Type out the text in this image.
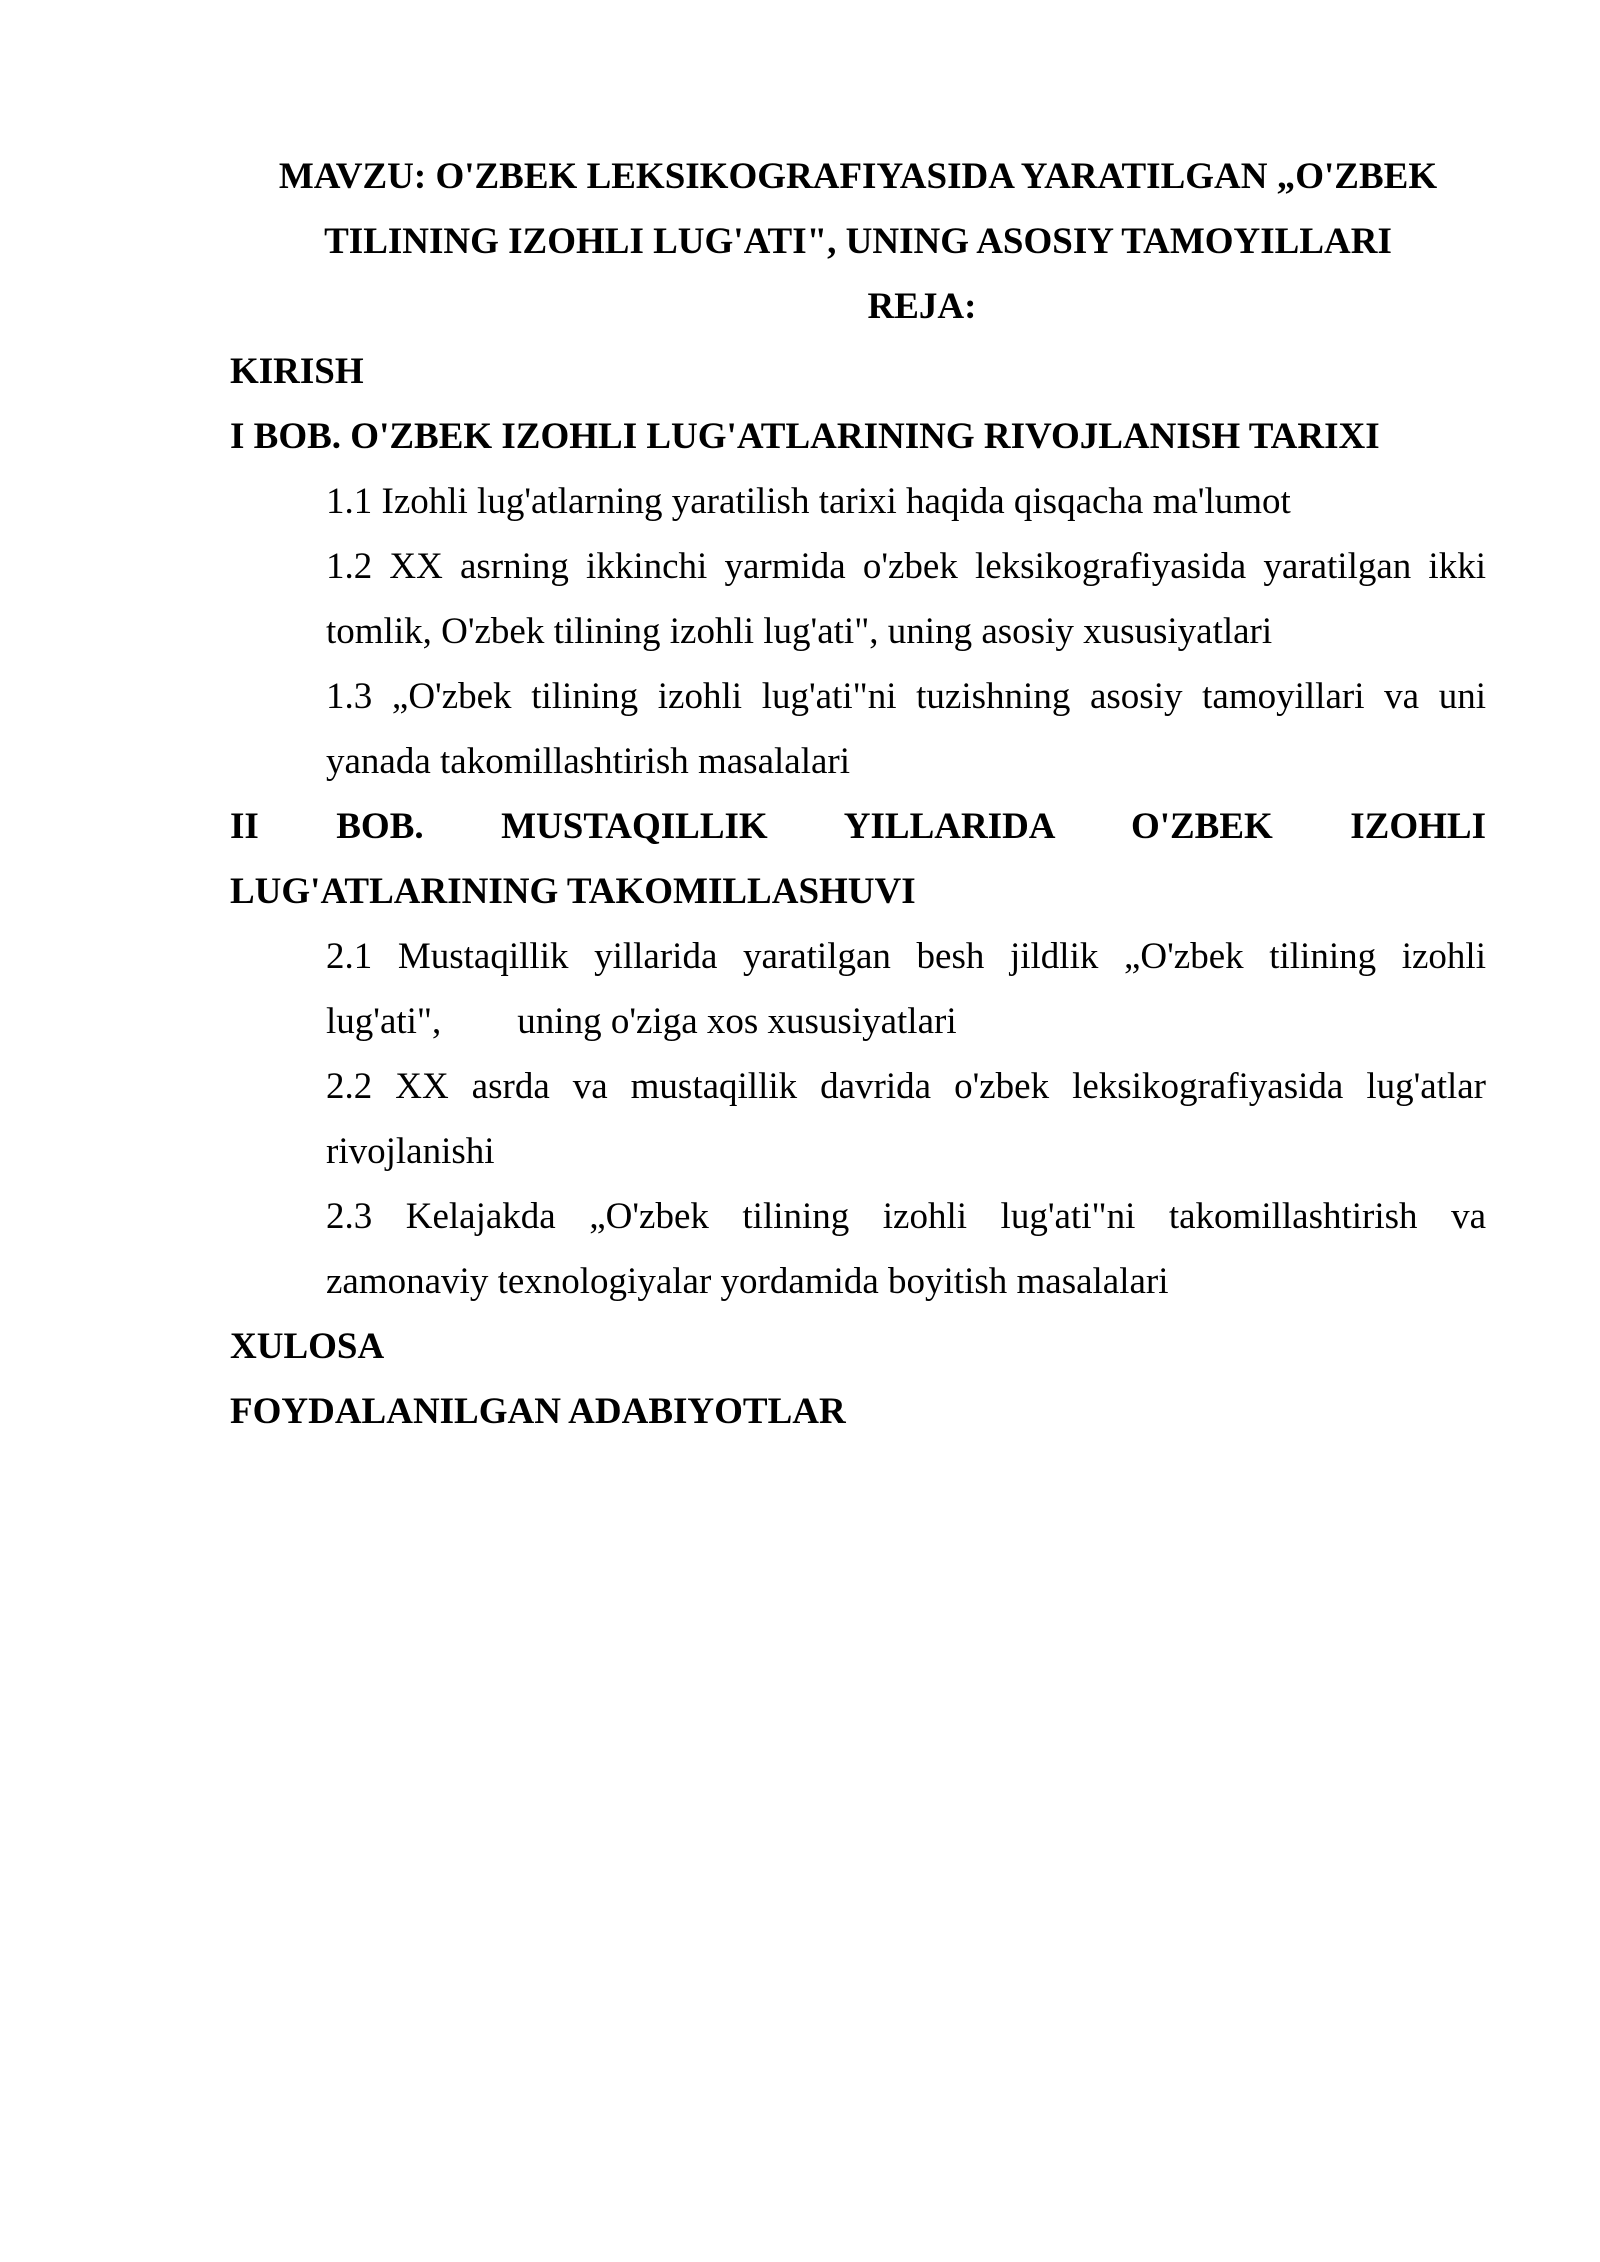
MAVZU: O'ZBEK LEKSIKOGRAFIYASIDA YARATILGAN „O'ZBEK
TILINING IZOHLI LUG'ATI", UNING ASOSIY TAMOYILLARI

REJA:

KIRISH

I BOB. O'ZBEK IZOHLI LUG'ATLARINING RIVOJLANISH TARIXI

1.1 Izohli lug'atlarning yaratilish tarixi haqida qisqacha ma'lumot

1.2 XX asrning ikkinchi yarmida o'zbek leksikografiyasida yaratilgan ikki
tomlik, O'zbek tilining izohli lug'ati", uning asosiy xususiyatlari

1.3 „O'zbek tilining izohli lug'ati"ni tuzishning asosiy tamoyillari va uni
yanada takomillashtirish masalalari

II BOB. MUSTAQILLIK YILLARIDA O'ZBEK IZOHLI
LUG'ATLARINING TAKOMILLASHUVI

2.1 Mustaqillik yillarida yaratilgan besh jildlik „O'zbek tilining izohli
lug'ati", uning o'ziga xos xususiyatlari

2.2 XX asrda va mustaqillik davrida o'zbek leksikografiyasida lug'atlar
rivojlanishi

2.3 Kelajakda „O'zbek tilining izohli lug'ati"ni takomillashtirish va
zamonaviy texnologiyalar yordamida boyitish masalalari

XULOSA

FOYDALANILGAN ADABIYOTLAR
